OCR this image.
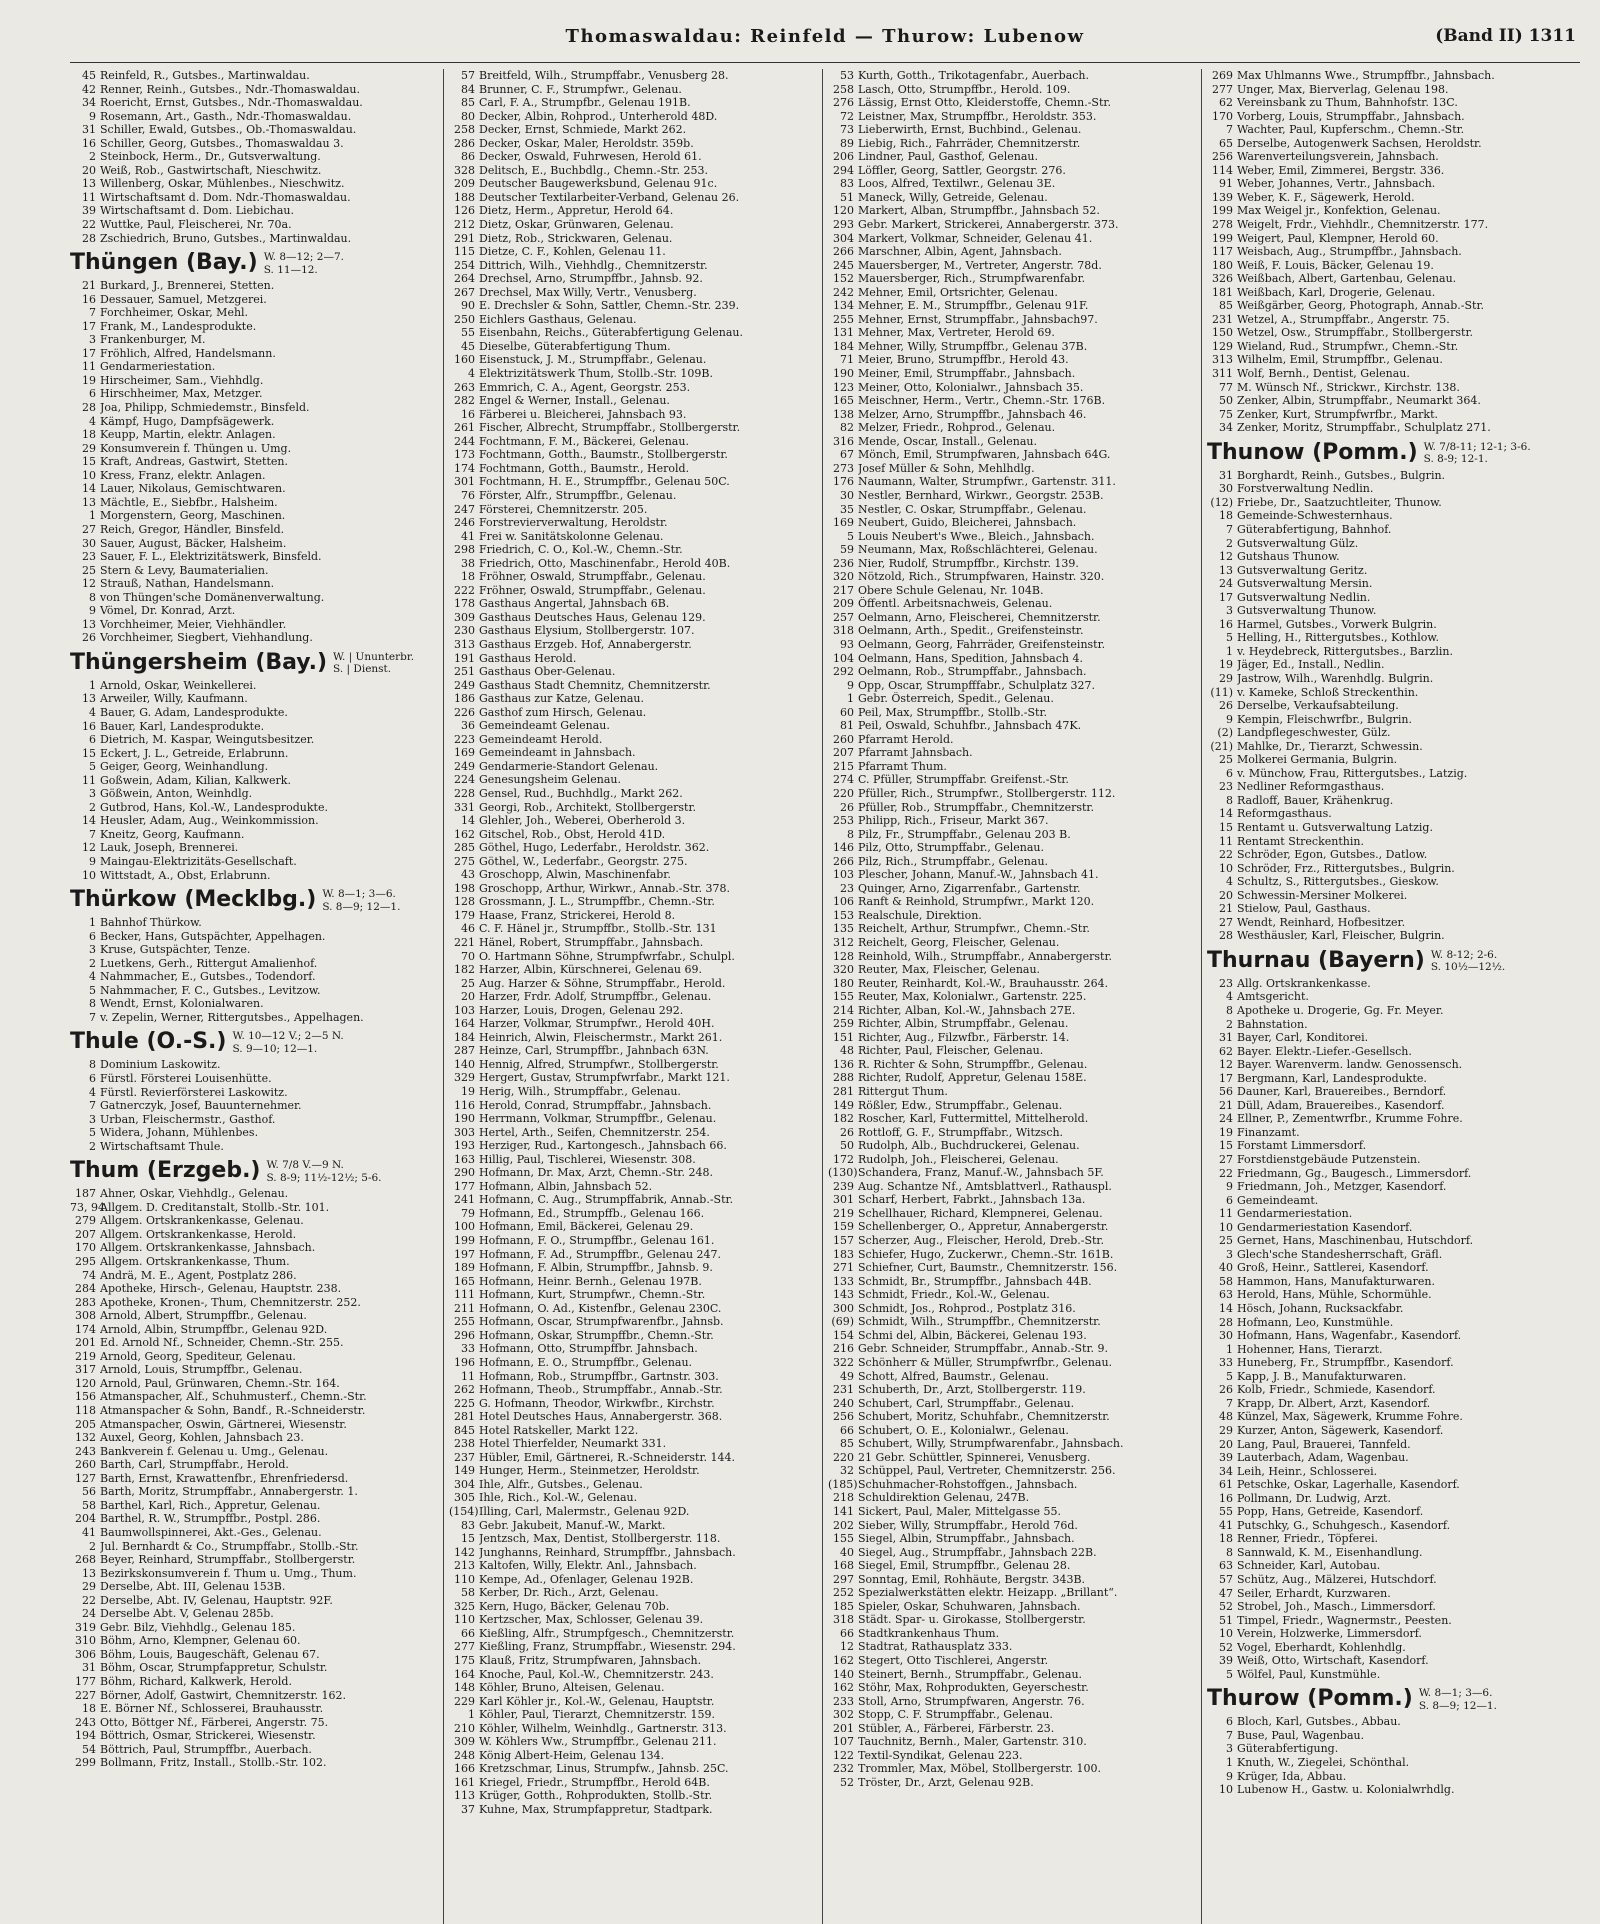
Thomaswaldau: Reinfeld — Thurow: Lubenow	(Band II) 1311
45 Reinfeld, R., Gutsbes., Martinwaldau.
42 Renner, Reinh., Gutsbes., Ndr.-Thomaswaldau.
34 Roericht, Ernst, Gutsbes., Ndr.-Thomaswaldau.
9 Rosemann, Art., Gasth., Ndr.-Thomaswaldau.
31 Schiller, Ewald, Gutsbes., Ob.-Thomaswaldau.
16 Schiller, Georg, Gutsbes., Thomaswaldau 3.
2 Steinbock, Herm., Dr., Gutsverwaltung.
20 Weiß, Rob., Gastwirtschaft, Nieschwitz.
13 Willenberg, Oskar, Mühlenbes., Nieschwitz.
11 Wirtschaftsamt d. Dom. Ndr.-Thomaswaldau.
39 Wirtschaftsamt d. Dom. Liebichau.
22 Wuttke, Paul, Fleischerei, Nr. 70a.
28 Zschiedrich, Bruno, Gutsbes., Martinwaldau.
Thüngen (Bay.) W. 8—12; 2—7.
S. 11—12.
21 Burkard, J., Brennerei, Stetten.
16 Dessauer, Samuel, Metzgerei.
7 Forchheimer, Oskar, Mehl.
17 Frank, M., Landesprodukte.
3 Frankenburger, M.
17 Fröhlich, Alfred, Handelsmann.
11 Gendarmeriestation.
19 Hirscheimer, Sam., Viehhdlg.
6 Hirschheimer, Max, Metzger.
28 Joa, Philipp, Schmiedemstr., Binsfeld.
4 Kämpf, Hugo, Dampfsägewerk.
18 Keupp, Martin, elektr. Anlagen.
29 Konsumverein f. Thüngen u. Umg.
15 Kraft, Andreas, Gastwirt, Stetten.
10 Kress, Franz, elektr. Anlagen.
14 Lauer, Nikolaus, Gemischtwaren.
13 Mächtle, E., Siebfbr., Halsheim.
1 Morgenstern, Georg, Maschinen.
27 Reich, Gregor, Händler, Binsfeld.
30 Sauer, August, Bäcker, Halsheim.
23 Sauer, F. L., Elektrizitätswerk, Binsfeld.
25 Stern & Levy, Baumaterialien.
12 Strauß, Nathan, Handelsmann.
8 von Thüngen'sche Domänenverwaltung.
9 Vömel, Dr. Konrad, Arzt.
13 Vorchheimer, Meier, Viehhändler.
26 Vorchheimer, Siegbert, Viehhandlung.
Thüngersheim (Bay.) W. | Ununterbr.
S. | Dienst.
1 Arnold, Oskar, Weinkellerei.
13 Arweiler, Willy, Kaufmann.
4 Bauer, G. Adam, Landesprodukte.
16 Bauer, Karl, Landesprodukte.
6 Dietrich, M. Kaspar, Weingutsbesitzer.
15 Eckert, J. L., Getreide, Erlabrunn.
5 Geiger, Georg, Weinhandlung.
11 Goßwein, Adam, Kilian, Kalkwerk.
3 Gößwein, Anton, Weinhdlg.
2 Gutbrod, Hans, Kol.-W., Landesprodukte.
14 Heusler, Adam, Aug., Weinkommission.
7 Kneitz, Georg, Kaufmann.
12 Lauk, Joseph, Brennerei.
9 Maingau-Elektrizitäts-Gesellschaft.
10 Wittstadt, A., Obst, Erlabrunn.
Thürkow (Mecklbg.) W. 8—1; 3—6.
S. 8—9; 12—1.
1 Bahnhof Thürkow.
6 Becker, Hans, Gutspächter, Appelhagen.
3 Kruse, Gutspächter, Tenze.
2 Luetkens, Gerh., Rittergut Amalienhof.
4 Nahmmacher, E., Gutsbes., Todendorf.
5 Nahmmacher, F. C., Gutsbes., Levitzow.
8 Wendt, Ernst, Kolonialwaren.
7 v. Zepelin, Werner, Rittergutsbes., Appelhagen.
Thule (O.-S.) W. 10—12 V.; 2—5 N.
S. 9—10; 12—1.
8 Dominium Laskowitz.
6 Fürstl. Försterei Louisenhütte.
4 Fürstl. Revierförsterei Laskowitz.
7 Gatnerczyk, Josef, Bauunternehmer.
3 Urban, Fleischermstr., Gasthof.
5 Widera, Johann, Mühlenbes.
2 Wirtschaftsamt Thule.
Thum (Erzgeb.) W. 7/8 V.—9 N.
S. 8-9; 11½-12½; 5-6.
187 Ahner, Oskar, Viehhdlg., Gelenau.
73, 94
Allgem. D. Creditanstalt, Stollb.-Str. 101.
279 Allgem. Ortskrankenkasse, Gelenau.
207 Allgem. Ortskrankenkasse, Herold.
170 Allgem. Ortskrankenkasse, Jahnsbach.
295 Allgem. Ortskrankenkasse, Thum.
74 Andrä, M. E., Agent, Postplatz 286.
284 Apotheke, Hirsch-, Gelenau, Hauptstr. 238.
283 Apotheke, Kronen-, Thum, Chemnitzerstr. 252.
308 Arnold, Albert, Strumpffbr., Gelenau.
174 Arnold, Albin, Strumpffbr., Gelenau 92D.
201 Ed. Arnold Nf., Schneider, Chemn.-Str. 255.
219 Arnold, Georg, Spediteur, Gelenau.
317 Arnold, Louis, Strumpffbr., Gelenau.
120 Arnold, Paul, Grünwaren, Chemn.-Str. 164.
156 Atmanspacher, Alf., Schuhmusterf., Chemn.-Str.
118 Atmanspacher & Sohn, Bandf., R.-Schneiderstr.
205 Atmanspacher, Oswin, Gärtnerei, Wiesenstr.
132 Auxel, Georg, Kohlen, Jahnsbach 23.
243 Bankverein f. Gelenau u. Umg., Gelenau.
260 Barth, Carl, Strumpffabr., Herold.
127 Barth, Ernst, Krawattenfbr., Ehrenfriedersd.
56 Barth, Moritz, Strumpffabr., Annabergerstr. 1.
58 Barthel, Karl, Rich., Appretur, Gelenau.
204 Barthel, R. W., Strumpffbr., Postpl. 286.
41 Baumwollspinnerei, Akt.-Ges., Gelenau.
2 Jul. Bernhardt & Co., Strumpffabr., Stollb.-Str.
268 Beyer, Reinhard, Strumpffabr., Stollbergerstr.
13 Bezirkskonsumverein f. Thum u. Umg., Thum.
29 Derselbe, Abt. III, Gelenau 153B.
22 Derselbe, Abt. IV, Gelenau, Hauptstr. 92F.
24 Derselbe Abt. V, Gelenau 285b.
319 Gebr. Bilz, Viehhdlg., Gelenau 185.
310 Böhm, Arno, Klempner, Gelenau 60.
306 Böhm, Louis, Baugeschäft, Gelenau 67.
31 Böhm, Oscar, Strumpfappretur, Schulstr.
177 Böhm, Richard, Kalkwerk, Herold.
227 Börner, Adolf, Gastwirt, Chemnitzerstr. 162.
18 E. Börner Nf., Schlosserei, Brauhausstr.
243 Otto, Böttger Nf., Färberei, Angerstr. 75.
194 Böttrich, Osmar, Strickerei, Wiesenstr.
54 Böttrich, Paul, Strumpffbr., Auerbach.
299 Bollmann, Fritz, Install., Stollb.-Str. 102.
57 Breitfeld, Wilh., Strumpffabr., Venusberg 28.
84 Brunner, C. F., Strumpfwr., Gelenau.
85 Carl, F. A., Strumpfbr., Gelenau 191B.
80 Decker, Albin, Rohprod., Unterherold 48D.
258 Decker, Ernst, Schmiede, Markt 262.
286 Decker, Oskar, Maler, Heroldstr. 359b.
86 Decker, Oswald, Fuhrwesen, Herold 61.
328 Delitsch, E., Buchbdlg., Chemn.-Str. 253.
209 Deutscher Baugewerksbund, Gelenau 91c.
188 Deutscher Textilarbeiter-Verband, Gelenau 26.
126 Dietz, Herm., Appretur, Herold 64.
212 Dietz, Oskar, Grünwaren, Gelenau.
291 Dietz, Rob., Strickwaren, Gelenau.
115 Dietze, C. F., Kohlen, Gelenau 11.
254 Dittrich, Wilh., Viehhdlg., Chemnitzerstr.
264 Drechsel, Arno, Strumpffbr., Jahnsb. 92.
267 Drechsel, Max Willy, Vertr., Venusberg.
90 E. Drechsler & Sohn, Sattler, Chemn.-Str. 239.
250 Eichlers Gasthaus, Gelenau.
55 Eisenbahn, Reichs., Güterabfertigung Gelenau.
45 Dieselbe, Güterabfertigung Thum.
160 Eisenstuck, J. M., Strumpffabr., Gelenau.
4 Elektrizitätswerk Thum, Stollb.-Str. 109B.
263 Emmrich, C. A., Agent, Georgstr. 253.
282 Engel & Werner, Install., Gelenau.
16 Färberei u. Bleicherei, Jahnsbach 93.
261 Fischer, Albrecht, Strumpffabr., Stollbergerstr.
244 Fochtmann, F. M., Bäckerei, Gelenau.
173 Fochtmann, Gotth., Baumstr., Stollbergerstr.
174 Fochtmann, Gotth., Baumstr., Herold.
301 Fochtmann, H. E., Strumpffbr., Gelenau 50C.
76 Förster, Alfr., Strumpffbr., Gelenau.
247 Försterei, Chemnitzerstr. 205.
246 Forstrevierverwaltung, Heroldstr.
41 Frei w. Sanitätskolonne Gelenau.
298 Friedrich, C. O., Kol.-W., Chemn.-Str.
38 Friedrich, Otto, Maschinenfabr., Herold 40B.
18 Fröhner, Oswald, Strumpffabr., Gelenau.
222 Fröhner, Oswald, Strumpffabr., Gelenau.
178 Gasthaus Angertal, Jahnsbach 6B.
309 Gasthaus Deutsches Haus, Gelenau 129.
230 Gasthaus Elysium, Stollbergerstr. 107.
313 Gasthaus Erzgeb. Hof, Annabergerstr.
191 Gasthaus Herold.
251 Gasthaus Ober-Gelenau.
249 Gasthaus Stadt Chemnitz, Chemnitzerstr.
186 Gasthaus zur Katze, Gelenau.
226 Gasthof zum Hirsch, Gelenau.
36 Gemeindeamt Gelenau.
223 Gemeindeamt Herold.
169 Gemeindeamt in Jahnsbach.
249 Gendarmerie-Standort Gelenau.
224 Genesungsheim Gelenau.
228 Gensel, Rud., Buchhdlg., Markt 262.
331 Georgi, Rob., Architekt, Stollbergerstr.
14 Glehler, Joh., Weberei, Oberherold 3.
162 Gitschel, Rob., Obst, Herold 41D.
285 Göthel, Hugo, Lederfabr., Heroldstr. 362.
275 Göthel, W., Lederfabr., Georgstr. 275.
43 Groschopp, Alwin, Maschinenfabr.
198 Groschopp, Arthur, Wirkwr., Annab.-Str. 378.
128 Grossmann, J. L., Strumpffbr., Chemn.-Str.
179 Haase, Franz, Strickerei, Herold 8.
46 C. F. Hänel jr., Strumpffbr., Stollb.-Str. 131
221 Hänel, Robert, Strumpffabr., Jahnsbach.
70 O. Hartmann Söhne, Strumpfwrfabr., Schulpl.
182 Harzer, Albin, Kürschnerei, Gelenau 69.
25 Aug. Harzer & Söhne, Strumpffabr., Herold.
20 Harzer, Frdr. Adolf, Strumpffbr., Gelenau.
103 Harzer, Louis, Drogen, Gelenau 292.
164 Harzer, Volkmar, Strumpfwr., Herold 40H.
184 Heinrich, Alwin, Fleischermstr., Markt 261.
287 Heinze, Carl, Strumpffbr., Jahnbach 63N.
140 Hennig, Alfred, Strumpfwr., Stollbergerstr.
329 Hergert, Gustav, Strumpfwrfabr., Markt 121.
19 Herig, Wilh., Strumpffabr., Gelenau.
116 Herold, Conrad, Strumpffabr., Jahnsbach.
190 Herrmann, Volkmar, Strumpffbr., Gelenau.
303 Hertel, Arth., Seifen, Chemnitzerstr. 254.
193 Herziger, Rud., Kartongesch., Jahnsbach 66.
163 Hillig, Paul, Tischlerei, Wiesenstr. 308.
290 Hofmann, Dr. Max, Arzt, Chemn.-Str. 248.
177 Hofmann, Albin, Jahnsbach 52.
241 Hofmann, C. Aug., Strumpffabrik, Annab.-Str.
79 Hofmann, Ed., Strumpffb., Gelenau 166.
100 Hofmann, Emil, Bäckerei, Gelenau 29.
199 Hofmann, F. O., Strumpffbr., Gelenau 161.
197 Hofmann, F. Ad., Strumpffbr., Gelenau 247.
189 Hofmann, F. Albin, Strumpffbr., Jahnsb. 9.
165 Hofmann, Heinr. Bernh., Gelenau 197B.
111 Hofmann, Kurt, Strumpfwr., Chemn.-Str.
211 Hofmann, O. Ad., Kistenfbr., Gelenau 230C.
255 Hofmann, Oscar, Strumpfwarenfbr., Jahnsb.
296 Hofmann, Oskar, Strumpffbr., Chemn.-Str.
33 Hofmann, Otto, Strumpffbr. Jahnsbach.
196 Hofmann, E. O., Strumpffbr., Gelenau.
11 Hofmann, Rob., Strumpffbr., Gartnstr. 303.
262 Hofmann, Theob., Strumpffabr., Annab.-Str.
225 G. Hofmann, Theodor, Wirkwfbr., Kirchstr.
281 Hotel Deutsches Haus, Annabergerstr. 368.
845 Hotel Ratskeller, Markt 122.
238 Hotel Thierfelder, Neumarkt 331.
237 Hübler, Emil, Gärtnerei, R.-Schneiderstr. 144.
149 Hunger, Herm., Steinmetzer, Heroldstr.
304 Ihle, Alfr., Gutsbes., Gelenau.
305 Ihle, Rich., Kol.-W., Gelenau.
(154) Illing, Carl, Malermstr., Gelenau 92D.
83 Gebr. Jakubeit, Manuf.-W., Markt.
15 Jentzsch, Max, Dentist, Stollbergerstr. 118.
142 Junghanns, Reinhard, Strumpffbr., Jahnsbach.
213 Kaltofen, Willy, Elektr. Anl., Jahnsbach.
110 Kempe, Ad., Ofenlager, Gelenau 192B.
58 Kerber, Dr. Rich., Arzt, Gelenau.
325 Kern, Hugo, Bäcker, Gelenau 70b.
110 Kertzscher, Max, Schlosser, Gelenau 39.
66 Kießling, Alfr., Strumpfgesch., Chemnitzerstr.
277 Kießling, Franz, Strumpffabr., Wiesenstr. 294.
175 Klauß, Fritz, Strumpfwaren, Jahnsbach.
164 Knoche, Paul, Kol.-W., Chemnitzerstr. 243.
148 Köhler, Bruno, Alteisen, Gelenau.
229 Karl Köhler jr., Kol.-W., Gelenau, Hauptstr.
1 Köhler, Paul, Tierarzt, Chemnitzerstr. 159.
210 Köhler, Wilhelm, Weinhdlg., Gartnerstr. 313.
309 W. Köhlers Ww., Strumpffbr., Gelenau 211.
248 König Albert-Heim, Gelenau 134.
166 Kretzschmar, Linus, Strumpfw., Jahnsb. 25C.
161 Kriegel, Friedr., Strumpffbr., Herold 64B.
113 Krüger, Gotth., Rohprodukten, Stollb.-Str.
37 Kuhne, Max, Strumpfappretur, Stadtpark.
53 Kurth, Gotth., Trikotagenfabr., Auerbach.
258 Lasch, Otto, Strumpffbr., Herold. 109.
276 Lässig, Ernst Otto, Kleiderstoffe, Chemn.-Str.
72 Leistner, Max, Strumpffbr., Heroldstr. 353.
73 Lieberwirth, Ernst, Buchbind., Gelenau.
89 Liebig, Rich., Fahrräder, Chemnitzerstr.
206 Lindner, Paul, Gasthof, Gelenau.
294 Löffler, Georg, Sattler, Georgstr. 276.
83 Loos, Alfred, Textilwr., Gelenau 3E.
51 Maneck, Willy, Getreide, Gelenau.
120 Markert, Alban, Strumpffbr., Jahnsbach 52.
293 Gebr. Markert, Strickerei, Annabergerstr. 373.
304 Markert, Volkmar, Schneider, Gelenau 41.
266 Marschner, Albin, Agent, Jahnsbach.
245 Mauersberger, M., Vertreter, Angerstr. 78d.
152 Mauersberger, Rich., Strumpfwarenfabr.
242 Mehner, Emil, Ortsrichter, Gelenau.
134 Mehner, E. M., Strumpffbr., Gelenau 91F.
255 Mehner, Ernst, Strumpffabr., Jahnsbach97.
131 Mehner, Max, Vertreter, Herold 69.
184 Mehner, Willy, Strumpffbr., Gelenau 37B.
71 Meier, Bruno, Strumpffbr., Herold 43.
190 Meiner, Emil, Strumpffabr., Jahnsbach.
123 Meiner, Otto, Kolonialwr., Jahnsbach 35.
165 Meischner, Herm., Vertr., Chemn.-Str. 176B.
138 Melzer, Arno, Strumpffbr., Jahnsbach 46.
82 Melzer, Friedr., Rohprod., Gelenau.
316 Mende, Oscar, Install., Gelenau.
67 Mönch, Emil, Strumpfwaren, Jahnsbach 64G.
273 Josef Müller & Sohn, Mehlhdlg.
176 Naumann, Walter, Strumpfwr., Gartenstr. 311.
30 Nestler, Bernhard, Wirkwr., Georgstr. 253B.
35 Nestler, C. Oskar, Strumpffabr., Gelenau.
169 Neubert, Guido, Bleicherei, Jahnsbach.
5 Louis Neubert's Wwe., Bleich., Jahnsbach.
59 Neumann, Max, Roßschlächterei, Gelenau.
236 Nier, Rudolf, Strumpffbr., Kirchstr. 139.
320 Nötzold, Rich., Strumpfwaren, Hainstr. 320.
217 Obere Schule Gelenau, Nr. 104B.
209 Öffentl. Arbeitsnachweis, Gelenau.
257 Oelmann, Arno, Fleischerei, Chemnitzerstr.
318 Oelmann, Arth., Spedit., Greifensteinstr.
93 Oelmann, Georg, Fahrräder, Greifensteinstr.
104 Oelmann, Hans, Spedition, Jahnsbach 4.
292 Oelmann, Rob., Strumpffabr., Jahnsbach.
9 Opp, Oscar, Strumpfffabr., Schulplatz 327.
1 Gebr. Österreich, Spedit., Gelenau.
60 Peil, Max, Strumpffbr., Stollb.-Str.
81 Peil, Oswald, Schuhfbr., Jahnsbach 47K.
260 Pfarramt Herold.
207 Pfarramt Jahnsbach.
215 Pfarramt Thum.
274 C. Pfüller, Strumpffabr. Greifenst.-Str.
220 Pfüller, Rich., Strumpfwr., Stollbergerstr. 112.
26 Pfüller, Rob., Strumpffabr., Chemnitzerstr.
253 Philipp, Rich., Friseur, Markt 367.
8 Pilz, Fr., Strumpffabr., Gelenau 203 B.
146 Pilz, Otto, Strumpffabr., Gelenau.
266 Pilz, Rich., Strumpffabr., Gelenau.
103 Plescher, Johann, Manuf.-W., Jahnsbach 41.
23 Quinger, Arno, Zigarrenfabr., Gartenstr.
106 Ranft & Reinhold, Strumpfwr., Markt 120.
153 Realschule, Direktion.
135 Reichelt, Arthur, Strumpfwr., Chemn.-Str.
312 Reichelt, Georg, Fleischer, Gelenau.
128 Reinhold, Wilh., Strumpffabr., Annabergerstr.
320 Reuter, Max, Fleischer, Gelenau.
180 Reuter, Reinhardt, Kol.-W., Brauhausstr. 264.
155 Reuter, Max, Kolonialwr., Gartenstr. 225.
214 Richter, Alban, Kol.-W., Jahnsbach 27E.
259 Richter, Albin, Strumpffabr., Gelenau.
151 Richter, Aug., Filzwfbr., Färberstr. 14.
48 Richter, Paul, Fleischer, Gelenau.
136 R. Richter & Sohn, Strumpffbr., Gelenau.
288 Richter, Rudolf, Appretur, Gelenau 158E.
281 Rittergut Thum.
149 Rößler, Edw., Strumpffabr., Gelenau.
182 Roscher, Karl, Futtermittel, Mittelherold.
26 Rottloff, G. F., Strumpffabr., Witzsch.
50 Rudolph, Alb., Buchdruckerei, Gelenau.
172 Rudolph, Joh., Fleischerei, Gelenau.
(130) Schandera, Franz, Manuf.-W., Jahnsbach 5F.
239 Aug. Schantze Nf., Amtsblattverl., Rathauspl.
301 Scharf, Herbert, Fabrkt., Jahnsbach 13a.
219 Schellhauer, Richard, Klempnerei, Gelenau.
159 Schellenberger, O., Appretur, Annabergerstr.
157 Scherzer, Aug., Fleischer, Herold, Dreb.-Str.
183 Schiefer, Hugo, Zuckerwr., Chemn.-Str. 161B.
271 Schiefner, Curt, Baumstr., Chemnitzerstr. 156.
133 Schmidt, Br., Strumpffbr., Jahnsbach 44B.
143 Schmidt, Friedr., Kol.-W., Gelenau.
300 Schmidt, Jos., Rohprod., Postplatz 316.
(69) Schmidt, Wilh., Strumpffbr., Chemnitzerstr.
154 Schmi del, Albin, Bäckerei, Gelenau 193.
216 Gebr. Schneider, Strumpffabr., Annab.-Str. 9.
322 Schönherr & Müller, Strumpfwrfbr., Gelenau.
49 Schott, Alfred, Baumstr., Gelenau.
231 Schuberth, Dr., Arzt, Stollbergerstr. 119.
240 Schubert, Carl, Strumpffabr., Gelenau.
256 Schubert, Moritz, Schuhfabr., Chemnitzerstr.
66 Schubert, O. E., Kolonialwr., Gelenau.
85 Schubert, Willy, Strumpfwarenfabr., Jahnsbach.
220 21 Gebr. Schüttler, Spinnerei, Venusberg.
32 Schüppel, Paul, Vertreter, Chemnitzerstr. 256.
(185) Schuhmacher-Rohstoffgen., Jahnsbach.
218 Schuldirektion Gelenau, 247B.
141 Sickert, Paul, Maler, Mittelgasse 55.
202 Sieber, Willy, Strumpffabr., Herold 76d.
155 Siegel, Albin, Strumpffabr., Jahnsbach.
40 Siegel, Aug., Strumpffabr., Jahnsbach 22B.
168 Siegel, Emil, Strumpffbr., Gelenau 28.
297 Sonntag, Emil, Rohhäute, Bergstr. 343B.
252 Spezialwerkstätten elektr. Heizapp. „Brillant“.
185 Spieler, Oskar, Schuhwaren, Jahnsbach.
318 Städt. Spar- u. Girokasse, Stollbergerstr.
66 Stadtkrankenhaus Thum.
12 Stadtrat, Rathausplatz 333.
162 Stegert, Otto Tischlerei, Angerstr.
140 Steinert, Bernh., Strumpffabr., Gelenau.
162 Stöhr, Max, Rohprodukten, Geyerschestr.
233 Stoll, Arno, Strumpfwaren, Angerstr. 76.
302 Stopp, C. F. Strumpffabr., Gelenau.
201 Stübler, A., Färberei, Färberstr. 23.
107 Tauchnitz, Bernh., Maler, Gartenstr. 310.
122 Textil-Syndikat, Gelenau 223.
232 Trommler, Max, Möbel, Stollbergerstr. 100.
52 Tröster, Dr., Arzt, Gelenau 92B.
269 Max Uhlmanns Wwe., Strumpffbr., Jahnsbach.
277 Unger, Max, Bierverlag, Gelenau 198.
62 Vereinsbank zu Thum, Bahnhofstr. 13C.
170 Vorberg, Louis, Strumpffabr., Jahnsbach.
7 Wachter, Paul, Kupferschm., Chemn.-Str.
65 Derselbe, Autogenwerk Sachsen, Heroldstr.
256 Warenverteilungsverein, Jahnsbach.
114 Weber, Emil, Zimmerei, Bergstr. 336.
91 Weber, Johannes, Vertr., Jahnsbach.
139 Weber, K. F., Sägewerk, Herold.
199 Max Weigel jr., Konfektion, Gelenau.
278 Weigelt, Frdr., Viehhdlr., Chemnitzerstr. 177.
199 Weigert, Paul, Klempner, Herold 60.
117 Weisbach, Aug., Strumpffbr., Jahnsbach.
180 Weiß, F. Louis, Bäcker, Gelenau 19.
326 Weißbach, Albert, Gartenbau, Gelenau.
181 Weißbach, Karl, Drogerie, Gelenau.
85 Weißgärber, Georg, Photograph, Annab.-Str.
231 Wetzel, A., Strumpffabr., Angerstr. 75.
150 Wetzel, Osw., Strumpffabr., Stollbergerstr.
129 Wieland, Rud., Strumpfwr., Chemn.-Str.
313 Wilhelm, Emil, Strumpffbr., Gelenau.
311 Wolf, Bernh., Dentist, Gelenau.
77 M. Wünsch Nf., Strickwr., Kirchstr. 138.
50 Zenker, Albin, Strumpffabr., Neumarkt 364.
75 Zenker, Kurt, Strumpfwrfbr., Markt.
34 Zenker, Moritz, Strumpffabr., Schulplatz 271.
Thunow (Pomm.) W. 7/8-11; 12-1; 3-6.
S. 8-9; 12-1.
31 Borghardt, Reinh., Gutsbes., Bulgrin.
30 Forstverwaltung Nedlin.
(12) Friebe, Dr., Saatzuchtleiter, Thunow.
18 Gemeinde-Schwesternhaus.
7 Güterabfertigung, Bahnhof.
2 Gutsverwaltung Gülz.
12 Gutshaus Thunow.
13 Gutsverwaltung Geritz.
24 Gutsverwaltung Mersin.
17 Gutsverwaltung Nedlin.
3 Gutsverwaltung Thunow.
16 Harmel, Gutsbes., Vorwerk Bulgrin.
5 Helling, H., Rittergutsbes., Kothlow.
1 v. Heydebreck, Rittergutsbes., Barzlin.
19 Jäger, Ed., Install., Nedlin.
29 Jastrow, Wilh., Warenhdlg. Bulgrin.
(11) v. Kameke, Schloß Streckenthin.
26 Derselbe, Verkaufsabteilung.
9 Kempin, Fleischwrfbr., Bulgrin.
(2) Landpflegeschwester, Gülz.
(21) Mahlke, Dr., Tierarzt, Schwessin.
25 Molkerei Germania, Bulgrin.
6 v. Münchow, Frau, Rittergutsbes., Latzig.
23 Nedliner Reformgasthaus.
8 Radloff, Bauer, Krähenkrug.
14 Reformgasthaus.
15 Rentamt u. Gutsverwaltung Latzig.
11 Rentamt Streckenthin.
22 Schröder, Egon, Gutsbes., Datlow.
10 Schröder, Frz., Rittergutsbes., Bulgrin.
4 Schultz, S., Rittergutsbes., Gieskow.
20 Schwessin-Mersiner Molkerei.
21 Stielow, Paul, Gasthaus.
27 Wendt, Reinhard, Hofbesitzer.
28 Westhäusler, Karl, Fleischer, Bulgrin.
Thurnau (Bayern) W. 8-12; 2-6.
S. 10½—12½.
23 Allg. Ortskrankenkasse.
4 Amtsgericht.
8 Apotheke u. Drogerie, Gg. Fr. Meyer.
2 Bahnstation.
31 Bayer, Carl, Konditorei.
62 Bayer. Elektr.-Liefer.-Gesellsch.
12 Bayer. Warenverm. landw. Genossensch.
17 Bergmann, Karl, Landesprodukte.
56 Dauner, Karl, Brauereibes., Berndorf.
21 Düll, Adam, Brauereibes., Kasendorf.
24 Ellner, P., Zementwrfbr., Krumme Fohre.
19 Finanzamt.
15 Forstamt Limmersdorf.
27 Forstdienstgebäude Putzenstein.
22 Friedmann, Gg., Baugesch., Limmersdorf.
9 Friedmann, Joh., Metzger, Kasendorf.
6 Gemeindeamt.
11 Gendarmeriestation.
10 Gendarmeriestation Kasendorf.
25 Gernet, Hans, Maschinenbau, Hutschdorf.
3 Glech'sche Standesherrschaft, Gräfl.
40 Groß, Heinr., Sattlerei, Kasendorf.
58 Hammon, Hans, Manufakturwaren.
63 Herold, Hans, Mühle, Schormühle.
14 Hösch, Johann, Rucksackfabr.
28 Hofmann, Leo, Kunstmühle.
30 Hofmann, Hans, Wagenfabr., Kasendorf.
1 Hohenner, Hans, Tierarzt.
33 Huneberg, Fr., Strumpffbr., Kasendorf.
5 Kapp, J. B., Manufakturwaren.
26 Kolb, Friedr., Schmiede, Kasendorf.
7 Krapp, Dr. Albert, Arzt, Kasendorf.
48 Künzel, Max, Sägewerk, Krumme Fohre.
29 Kurzer, Anton, Sägewerk, Kasendorf.
20 Lang, Paul, Brauerei, Tannfeld.
39 Lauterbach, Adam, Wagenbau.
34 Leih, Heinr., Schlosserei.
61 Petschke, Oskar, Lagerhalle, Kasendorf.
16 Pollmann, Dr. Ludwig, Arzt.
55 Popp, Hans, Getreide, Kasendorf.
41 Putschky, G., Schuhgesch., Kasendorf.
18 Renner, Friedr., Töpferei.
8 Sannwald, K. M., Eisenhandlung.
63 Schneider, Karl, Autobau.
57 Schütz, Aug., Mälzerei, Hutschdorf.
47 Seiler, Erhardt, Kurzwaren.
52 Strobel, Joh., Masch., Limmersdorf.
51 Timpel, Friedr., Wagnermstr., Peesten.
10 Verein, Holzwerke, Limmersdorf.
52 Vogel, Eberhardt, Kohlenhdlg.
39 Weiß, Otto, Wirtschaft, Kasendorf.
5 Wölfel, Paul, Kunstmühle.
Thurow (Pomm.) W. 8—1; 3—6.
S. 8—9; 12—1.
6 Bloch, Karl, Gutsbes., Abbau.
7 Buse, Paul, Wagenbau.
3 Güterabfertigung.
1 Knuth, W., Ziegelei, Schönthal.
9 Krüger, Ida, Abbau.
10 Lubenow H., Gastw. u. Kolonialwrhdlg.
